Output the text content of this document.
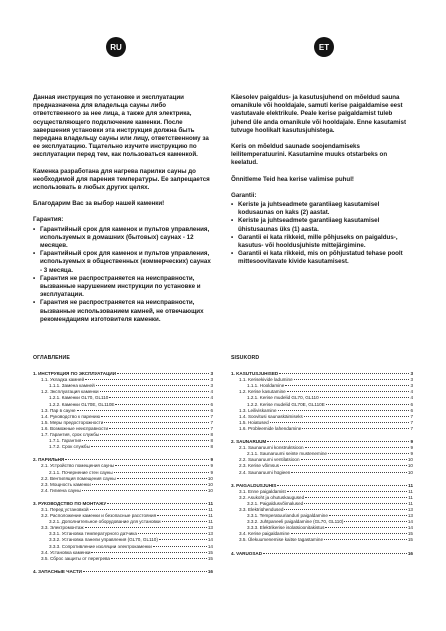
RU	ET

Данная инструкция по установке и эксплуатации предназначена для владельца сауны либо ответственного за нее лица, а также для электрика, осуществляющего подключение каменки. После завершения установки эта инструкция должна быть передана владельцу сауны или лицу, ответственному за ее эксплуатацию. Тщательно изучите инструкцию по эксплуатации перед тем, как пользоваться каменкой.

Каменка разработана для нагрева парилки сауны до необходимой для парения температуры. Ее запрещается использовать в любых других целях.

Благодарим Вас за выбор нашей каменки!

Гарантия:

• Гарантийный срок для каменок и пультов управления, используемых в домашних (бытовых) саунах - 12 месяцев.
• Гарантийный срок для каменок и пультов управления, используемых в общественных (коммерческих) саунах - 3 месяца.
• Гарантия не распространяется на неисправности, вызванные нарушением инструкции по установке и эксплуатации.
• Гарантия не распространяется на неисправности, вызванные использованием камней, не отвечающих рекомендациям изготовителя каменки.

Käesolev paigaldus- ja kasutusjuhend on mõeldud sauna omanikule või hooldajale, samuti kerise paigaldamise eest vastutavale elektrikule. Peale kerise paigaldamist tuleb juhend üle anda omanikule või hooldajale. Enne kasutamist tutvuge hoolikalt kasutusjuhistega.

Keris on mõeldud saunade soojendamiseks leilitemperatuurini. Kasutamine muuks otstarbeks on keelatud.

Õnnitleme Teid hea kerise valimise puhul!

Garantii:

• Keriste ja juhtseadmete garantiiaeg kasutamisel kodusaunas on kaks (2) aastat.
• Keriste ja juhtseadmete garantiiaeg kasutamisel ühistusaunas üks (1) aasta.
• Garantii ei kata rikkeid, mille põhjuseks on paigaldus-, kasutus- või hooldusjuhiste mittejärgimine.
• Garantii ei kata rikkeid, mis on põhjustatud tehase poolt mittesoovitavate kivide kasutamisest.
ОГЛАВЛЕНИЕ
1. ИНСТРУКЦИЯ ПО ЭКСПЛУАТАЦИИ	3
1.1. Укладка камней	3
1.1.1. Замена камней	3
1.2. Эксплуатация каменки	4
1.2.1. Каменки GL70, GL110	4
1.2.2. Каменки GL70E, GL110E	6
1.3. Пар в сауне	6
1.4. Руководство к парению	7
1.5. Меры предосторожности	7
1.6. Возможные неисправности	7
1.7. Гарантия, срок службы	8
1.7.1. Гарантия	8
1.7.2. Срок службы	8
2. ПАРИЛЬНЯ	9
2.1. Устройство помещения сауны	9
2.1.1. Почернение стен сауны	9
2.2. Вентиляция помещения сауны	10
2.3. Мощность каменки	10
2.4. Гигиена сауны	10
3. РУКОВОДСТВО ПО МОНТАЖУ	11
3.1. Перед установкой	11
3.2. Расположение каменки и безопасные расстояния	11
3.2.1. Дополнительное оборудование для установки	11
3.3. Электромонтаж	13
3.3.1. Установка температурного датчика	13
3.3.2. Установка панели управления (GL70, GL110)	14
3.3.3. Сопротивление изоляции электрокаменки	14
3.4. Установка каменки	15
3.5. Сброс защиты от перегрева	15
4. ЗАПАСНЫЕ ЧАСТИ	16
SISUKORD
1. KASUTUSJUHISED	3
1.1. Kerisekivide ladumine	3
1.1.1. Hooldamine	3
1.2. Kerise kasutamine	4
1.2.1. Kerise mudelid GL70, GL110	4
1.2.2. Kerise mudelid GL70E, GL110E	6
1.3. Leiliviskamine	6
1.4. Soovitusi saunaskäimiseks	7
1.5. Hoiatused	7
1.6. Probleemide lahendamine	7
2. SAUNARUUM	9
2.1. Saunaruumi konstruktsioon	9
2.1.1. Saunaruumi seinte mustenemine	9
2.2. Saunaruumi ventilatsioon	10
2.3. Kerise võimsus	10
2.4. Saunaruumi hügieen	10
3. PAIGALDUSJUHIS	11
3.1. Enne paigaldamist	11
3.2. Asukoht ja ohutuskaugused	11
3.2.1. Paigaldusvõimalused	11
3.3. Elektriühendused	13
3.3.1. Temperatuurianduri paigaldamine	13
3.3.2. Juhtpaneeli paigaldamine (GL70, GL110)	14
3.3.3. Elektrikerise isolatsioonitakistus	14
3.4. Kerise paigaldamine	15
3.5. Ülekuumenemise kaitse tagastamine	15
4. VARUOSAD	16
